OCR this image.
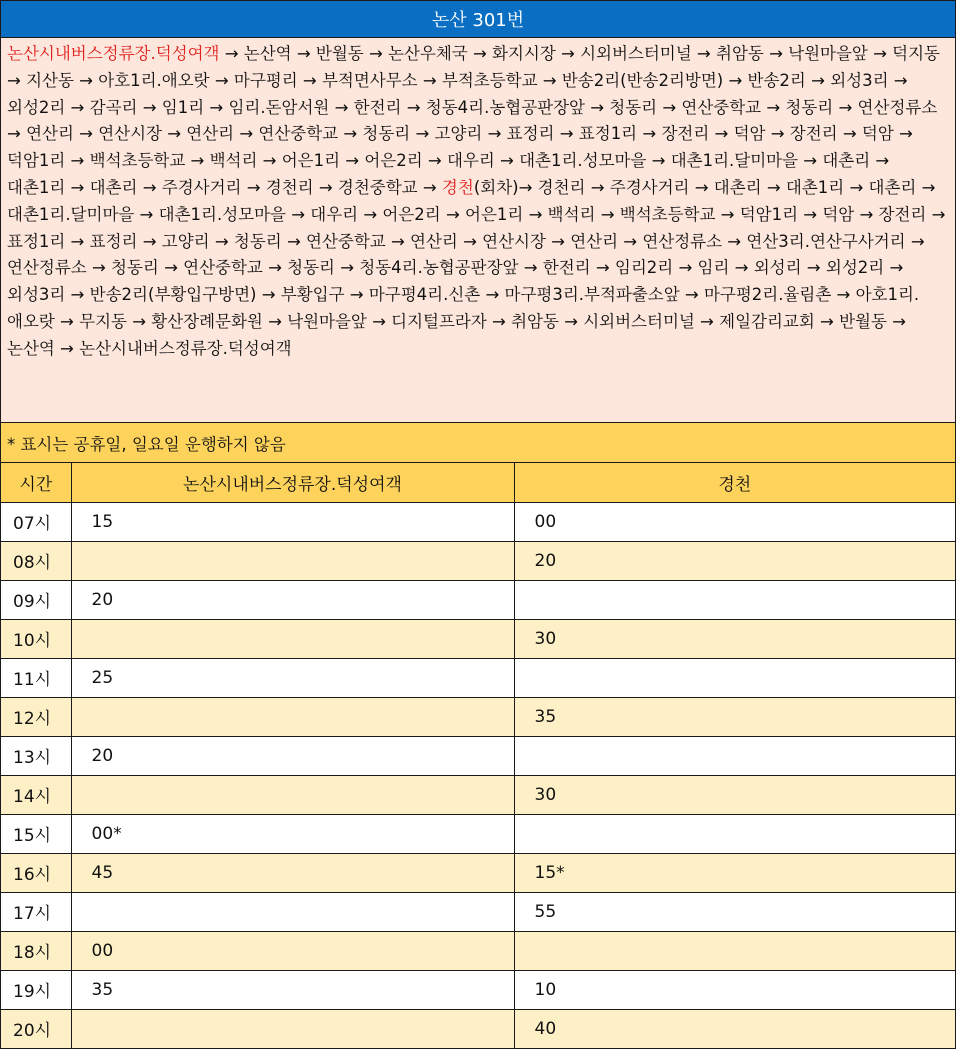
논산 301번
논산시내버스정류장.덕성여객 → 논산역 → 반월동 → 논산우체국 → 화지시장 → 시외버스터미널 → 취암동 → 낙원마을앞 → 덕지동 → 지산동 → 아호1리.애오랏 → 마구평리 → 부적면사무소 → 부적초등학교 → 반송2리(반송2리방면) → 반송2리 → 외성3리 → 외성2리 → 감곡리 → 임1리 → 임리.돈암서원 → 한전리 → 청동4리.농협공판장앞 → 청동리 → 연산중학교 → 청동리 → 연산정류소 → 연산리 → 연산시장 → 연산리 → 연산중학교 → 청동리 → 고양리 → 표정리 → 표정1리 → 장전리 → 덕암 → 장전리 → 덕암 → 덕암1리 → 백석초등학교 → 백석리 → 어은1리 → 어은2리 → 대우리 → 대촌1리.성모마을 → 대촌1리.달미마을 → 대촌리 → 대촌1리 → 대촌리 → 주경사거리 → 경천리 → 경천중학교 → 경천(회차)→ 경천리 → 주경사거리 → 대촌리 → 대촌1리 → 대촌리 → 대촌1리.달미마을 → 대촌1리.성모마을 → 대우리 → 어은2리 → 어은1리 → 백석리 → 백석초등학교 → 덕암1리 → 덕암 → 장전리 → 표정1리 → 표정리 → 고양리 → 청동리 → 연산중학교 → 연산리 → 연산시장 → 연산리 → 연산정류소 → 연산3리.연산구사거리 → 연산정류소 → 청동리 → 연산중학교 → 청동리 → 청동4리.농협공판장앞 → 한전리 → 임리2리 → 임리 → 외성리 → 외성2리 → 외성3리 → 반송2리(부황입구방면) → 부황입구 → 마구평4리.신촌 → 마구평3리.부적파출소앞 → 마구평2리.율림촌 → 아호1리.애오랏 → 무지동 → 황산장례문화원 → 낙원마을앞 → 디지털프라자 → 취암동 → 시외버스터미널 → 제일감리교회 → 반월동 → 논산역 → 논산시내버스정류장.덕성여객
* 표시는 공휴일, 일요일 운행하지 않음
시간	논산시내버스정류장.덕성여객	경천
07시	15	00
08시		20
09시	20	
10시		30
11시	25	
12시		35
13시	20	
14시		30
15시	00*	
16시	45	15*
17시		55
18시	00	
19시	35	10
20시		40
